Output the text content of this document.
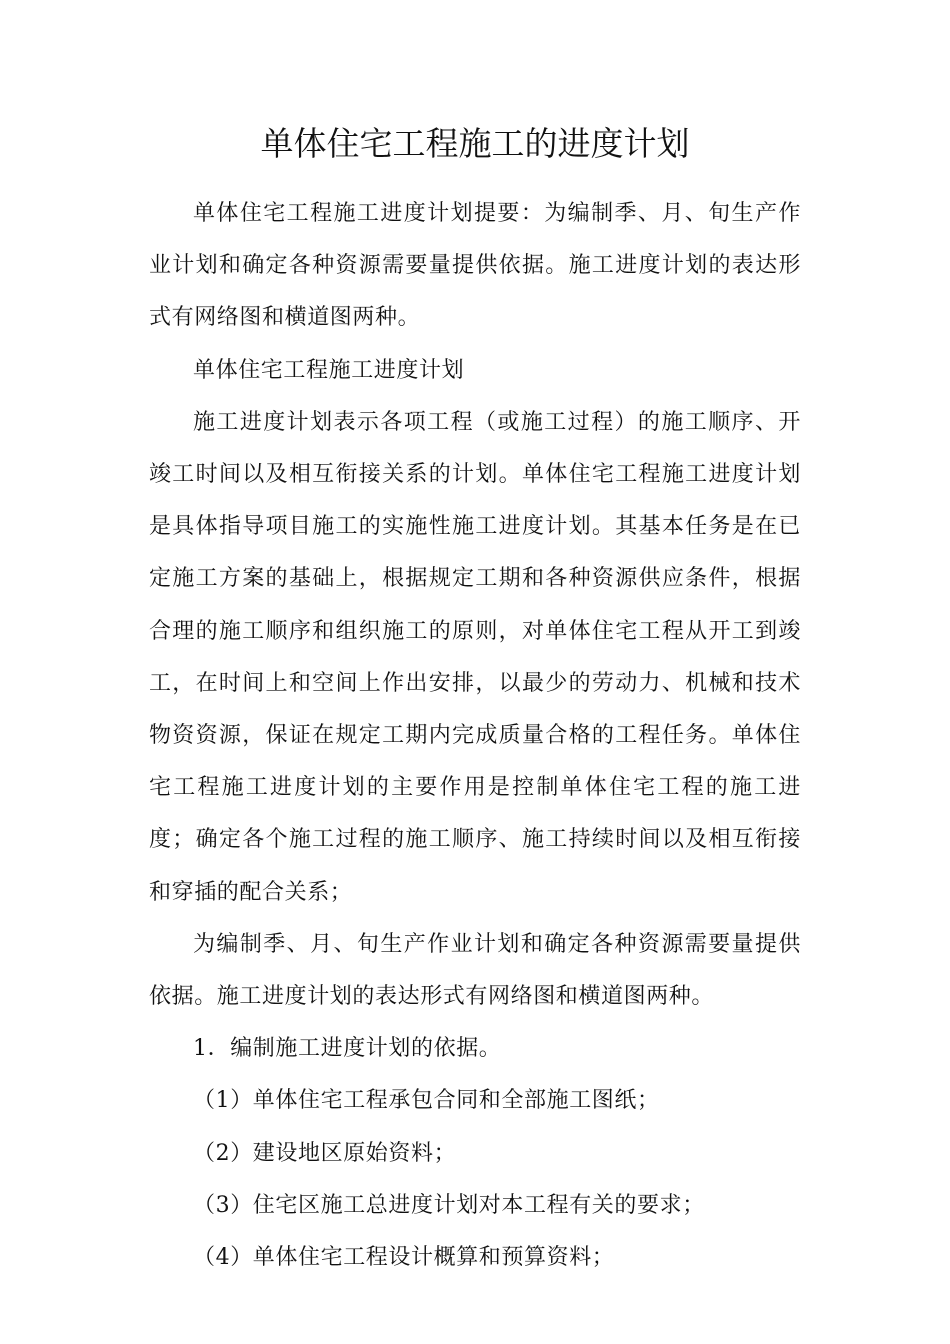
单体住宅工程施工的进度计划

单体住宅工程施工进度计划提要：为编制季、月、旬生产作业计划和确定各种资源需要量提供依据。施工进度计划的表达形式有网络图和横道图两种。

单体住宅工程施工进度计划

施工进度计划表示各项工程（或施工过程）的施工顺序、开竣工时间以及相互衔接关系的计划。单体住宅工程施工进度计划是具体指导项目施工的实施性施工进度计划。其基本任务是在已定施工方案的基础上，根据规定工期和各种资源供应条件，根据合理的施工顺序和组织施工的原则，对单体住宅工程从开工到竣工，在时间上和空间上作出安排，以最少的劳动力、机械和技术物资资源，保证在规定工期内完成质量合格的工程任务。单体住宅工程施工进度计划的主要作用是控制单体住宅工程的施工进度；确定各个施工过程的施工顺序、施工持续时间以及相互衔接和穿插的配合关系；

为编制季、月、旬生产作业计划和确定各种资源需要量提供依据。施工进度计划的表达形式有网络图和横道图两种。

1．编制施工进度计划的依据。

（1）单体住宅工程承包合同和全部施工图纸；

（2）建设地区原始资料；

（3）住宅区施工总进度计划对本工程有关的要求；

（4）单体住宅工程设计概算和预算资料；
